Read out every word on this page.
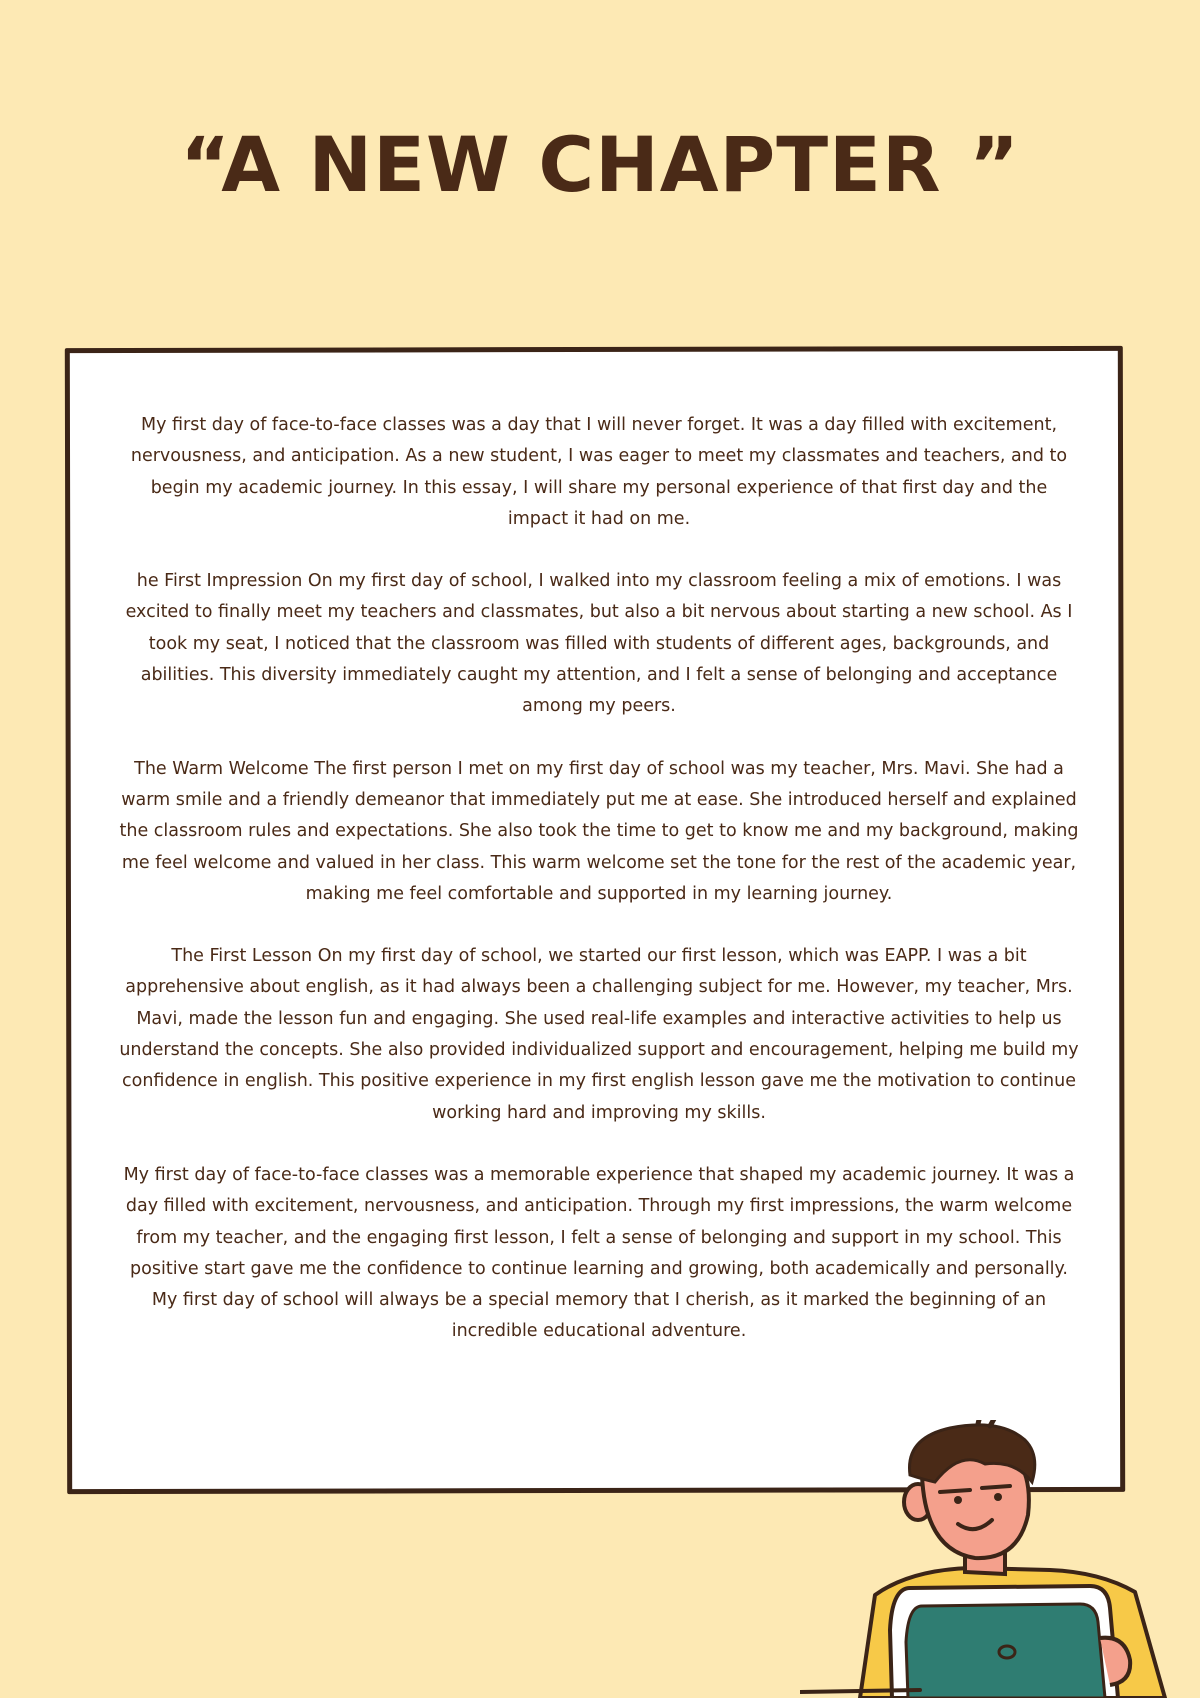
“A NEW CHAPTER ”

My first day of face-to-face classes was a day that I will never forget. It was a day filled with excitement, nervousness, and anticipation. As a new student, I was eager to meet my classmates and teachers, and to begin my academic journey. In this essay, I will share my personal experience of that first day and the impact it had on me.

he First Impression On my first day of school, I walked into my classroom feeling a mix of emotions. I was excited to finally meet my teachers and classmates, but also a bit nervous about starting a new school. As I took my seat, I noticed that the classroom was filled with students of different ages, backgrounds, and abilities. This diversity immediately caught my attention, and I felt a sense of belonging and acceptance among my peers.

The Warm Welcome The first person I met on my first day of school was my teacher, Mrs. Mavi. She had a warm smile and a friendly demeanor that immediately put me at ease. She introduced herself and explained the classroom rules and expectations. She also took the time to get to know me and my background, making me feel welcome and valued in her class. This warm welcome set the tone for the rest of the academic year, making me feel comfortable and supported in my learning journey.

The First Lesson On my first day of school, we started our first lesson, which was EAPP. I was a bit apprehensive about english, as it had always been a challenging subject for me. However, my teacher, Mrs. Mavi, made the lesson fun and engaging. She used real-life examples and interactive activities to help us understand the concepts. She also provided individualized support and encouragement, helping me build my confidence in english. This positive experience in my first english lesson gave me the motivation to continue working hard and improving my skills.

My first day of face-to-face classes was a memorable experience that shaped my academic journey. It was a day filled with excitement, nervousness, and anticipation. Through my first impressions, the warm welcome from my teacher, and the engaging first lesson, I felt a sense of belonging and support in my school. This positive start gave me the confidence to continue learning and growing, both academically and personally. My first day of school will always be a special memory that I cherish, as it marked the beginning of an incredible educational adventure.
